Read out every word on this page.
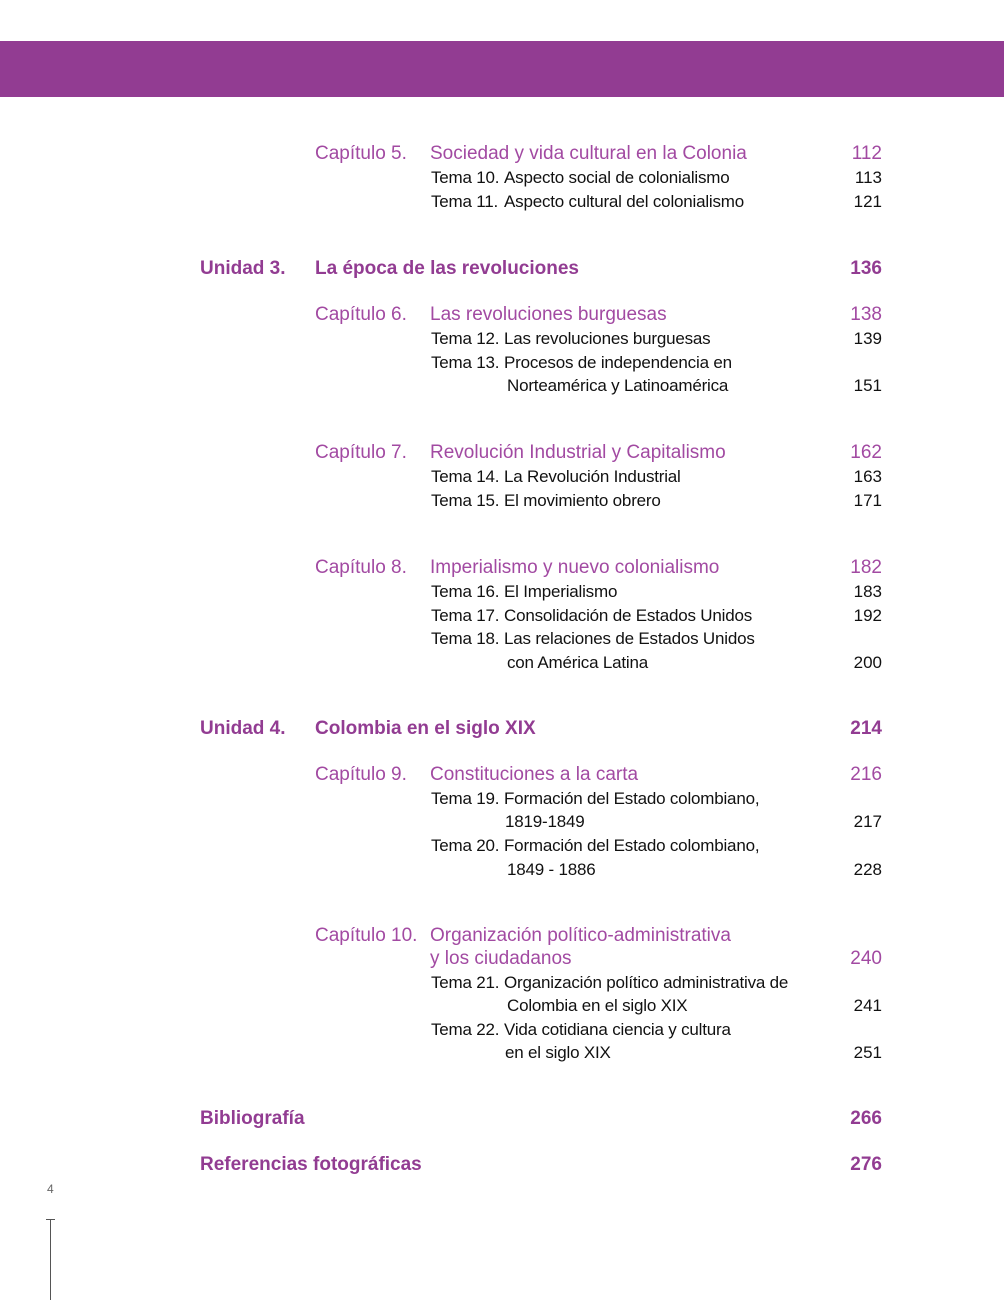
Capítulo 5. Sociedad y vida cultural en la Colonia	112
Tema 10. Aspecto social de colonialismo	113
Tema 11. Aspecto cultural del colonialismo	121
Unidad 3. La época de las revoluciones	136
Capítulo 6. Las revoluciones burguesas	138
Tema 12. Las revoluciones burguesas	139
Tema 13. Procesos de independencia en
Norteamérica y Latinoamérica	151
Capítulo 7. Revolución Industrial y Capitalismo	162
Tema 14. La Revolución Industrial	163
Tema 15. El movimiento obrero	171
Capítulo 8. Imperialismo y nuevo colonialismo	182
Tema 16. El Imperialismo	183
Tema 17. Consolidación de Estados Unidos	192
Tema 18. Las relaciones de Estados Unidos
con América Latina	200
Unidad 4. Colombia en el siglo XIX	214
Capítulo 9. Constituciones a la carta	216
Tema 19. Formación del Estado colombiano,
1819-1849	217
Tema 20. Formación del Estado colombiano,
1849 - 1886	228
Capítulo 10. Organización político-administrativa
y los ciudadanos	240
Tema 21. Organización político administrativa de
Colombia en el siglo XIX	241
Tema 22. Vida cotidiana ciencia y cultura
en el siglo XIX	251
Bibliografía	266
Referencias fotográficas	276
4
